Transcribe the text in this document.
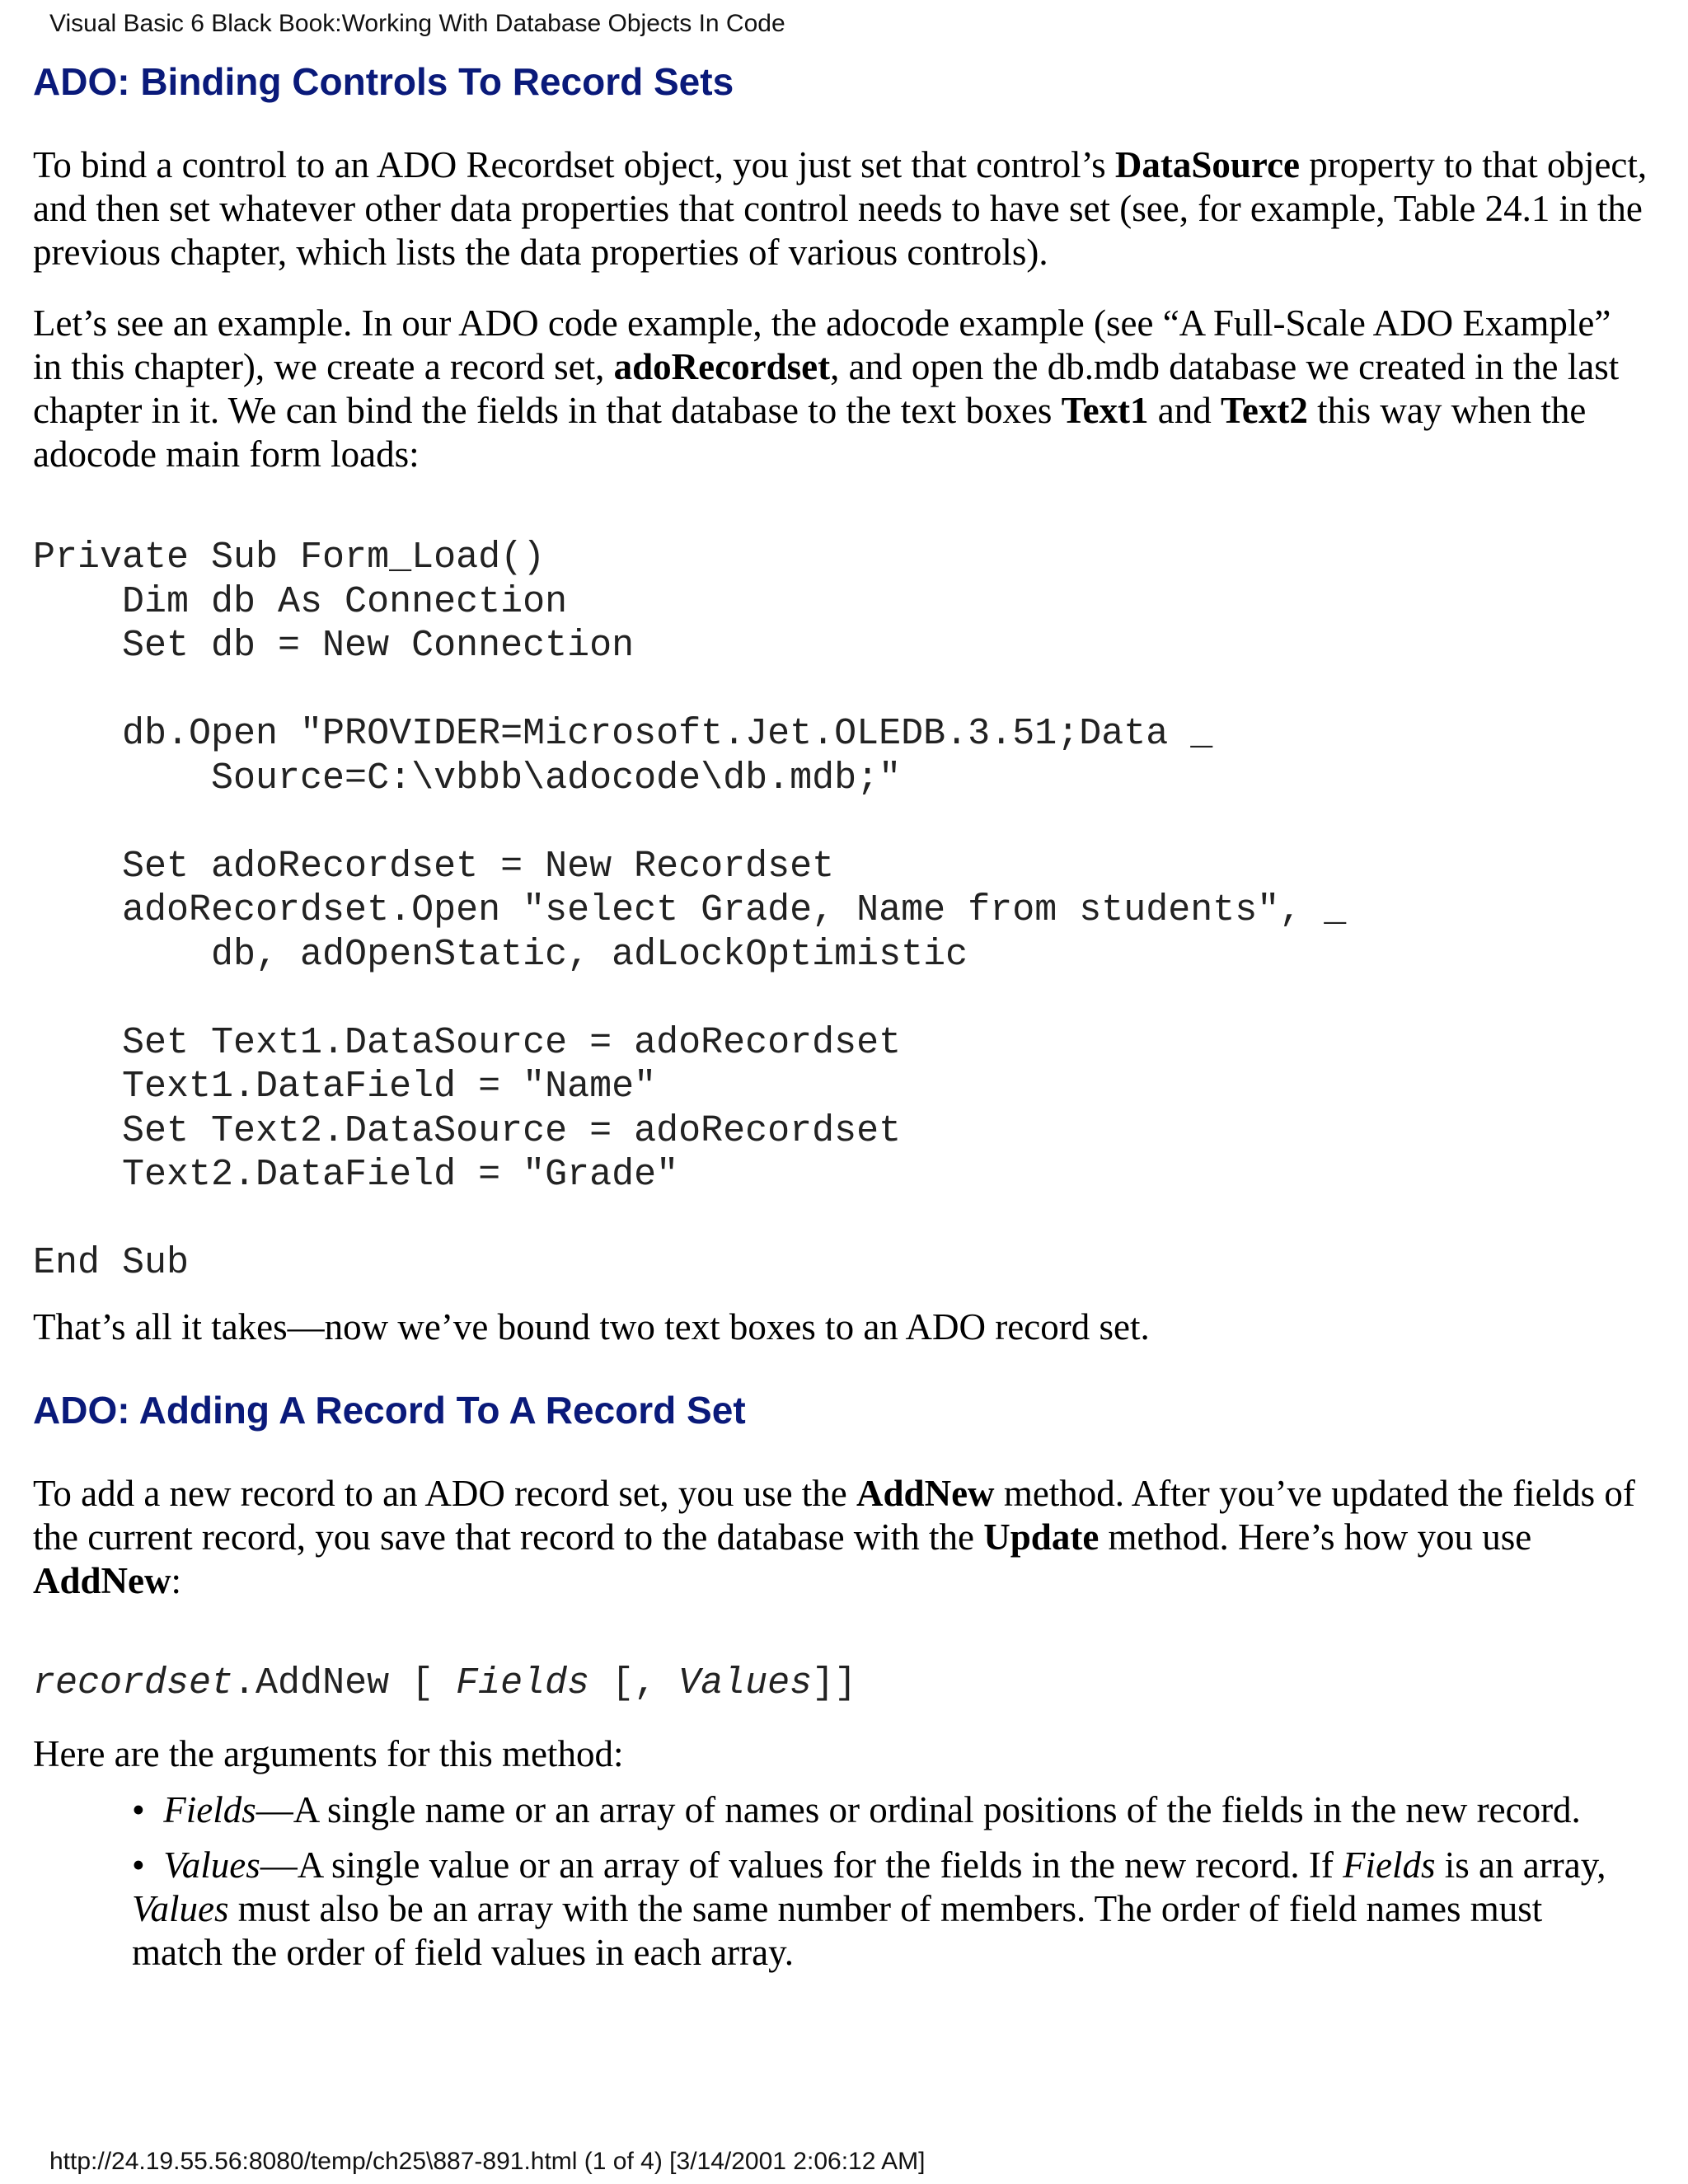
Visual Basic 6 Black Book:Working With Database Objects In Code
ADO: Binding Controls To Record Sets

To bind a control to an ADO Recordset object, you just set that control’s DataSource property to that object, and then set whatever other data properties that control needs to have set (see, for example, Table 24.1 in the previous chapter, which lists the data properties of various controls).

Let’s see an example. In our ADO code example, the adocode example (see “A Full-Scale ADO Example” in this chapter), we create a record set, adoRecordset, and open the db.mdb database we created in the last chapter in it. We can bind the fields in that database to the text boxes Text1 and Text2 this way when the adocode main form loads:

Private Sub Form_Load()
Dim db As Connection
Set db = New Connection

db.Open "PROVIDER=Microsoft.Jet.OLEDB.3.51;Data _
Source=C:\vbbb\adocode\db.mdb;"

Set adoRecordset = New Recordset
adoRecordset.Open "select Grade, Name from students", _
db, adOpenStatic, adLockOptimistic

Set Text1.DataSource = adoRecordset
Text1.DataField = "Name"
Set Text2.DataSource = adoRecordset
Text2.DataField = "Grade"

End Sub

That’s all it takes—now we’ve bound two text boxes to an ADO record set.

ADO: Adding A Record To A Record Set

To add a new record to an ADO record set, you use the AddNew method. After you’ve updated the fields of the current record, you save that record to the database with the Update method. Here’s how you use AddNew:

recordset.AddNew [ Fields [, Values]]

Here are the arguments for this method:

•  Fields—A single name or an array of names or ordinal positions of the fields in the new record.
•  Values—A single value or an array of values for the fields in the new record. If Fields is an array, Values must also be an array with the same number of members. The order of field names must match the order of field values in each array.
http://24.19.55.56:8080/temp/ch25\887-891.html (1 of 4) [3/14/2001 2:06:12 AM]
